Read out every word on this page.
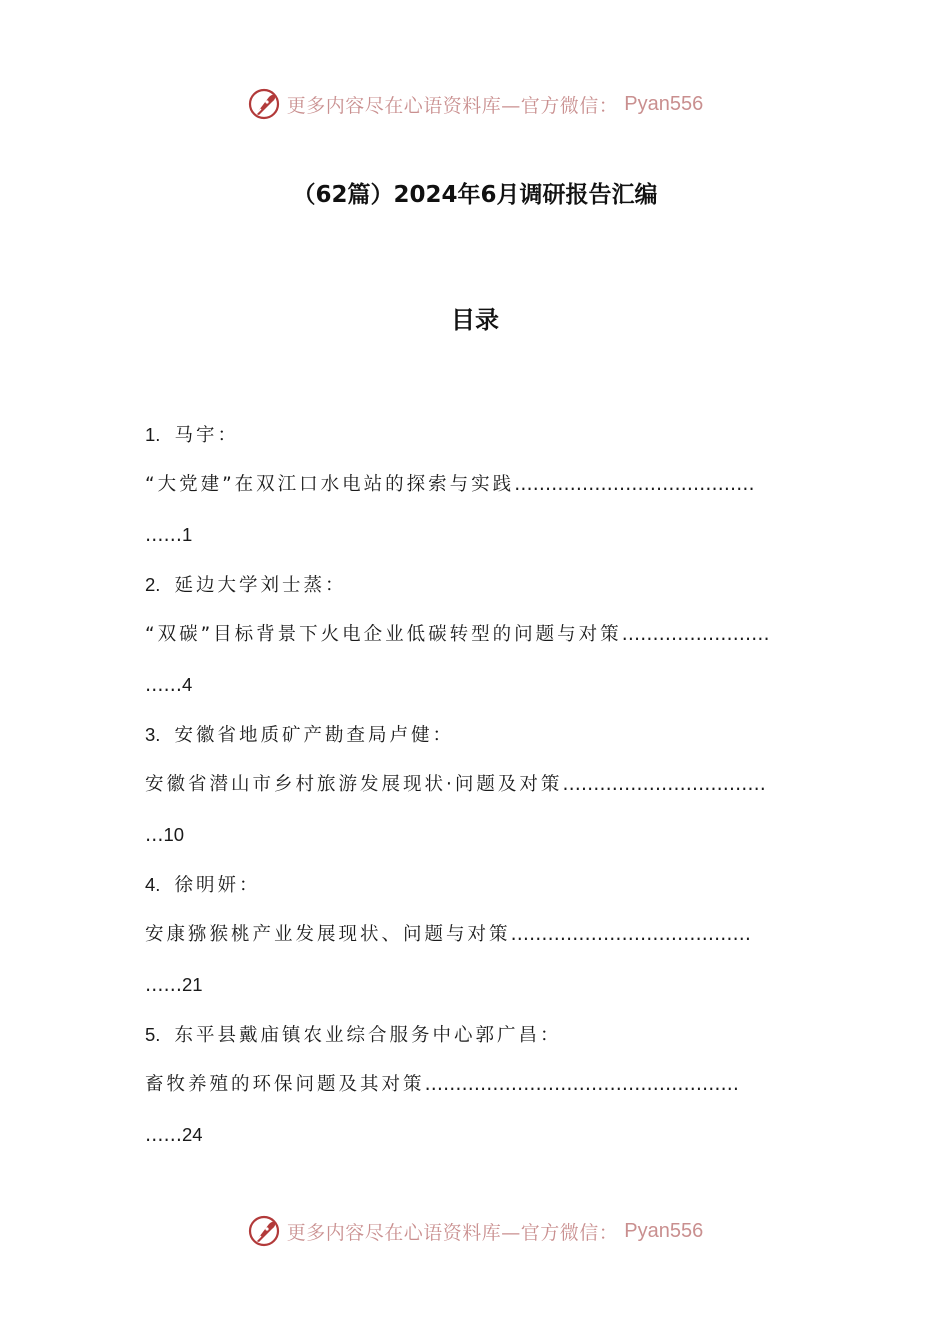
更多内容尽在心语资料库—官方微信： Pyan556
（62篇）2024年6月调研报告汇编
目录
1. 马宇：
“大党建”在双江口水电站的探索与实践…………………………………
……1
2. 延边大学刘士蒸：
“双碳”目标背景下火电企业低碳转型的问题与对策……………………
……4
3. 安徽省地质矿产勘查局卢健：
安徽省潜山市乡村旅游发展现状·问题及对策……………………………
…10
4. 徐明妍：
安康猕猴桃产业发展现状、问题与对策…………………………………
……21
5. 东平县戴庙镇农业综合服务中心郭广昌：
畜牧养殖的环保问题及其对策……………………………………………
……24
更多内容尽在心语资料库—官方微信： Pyan556
